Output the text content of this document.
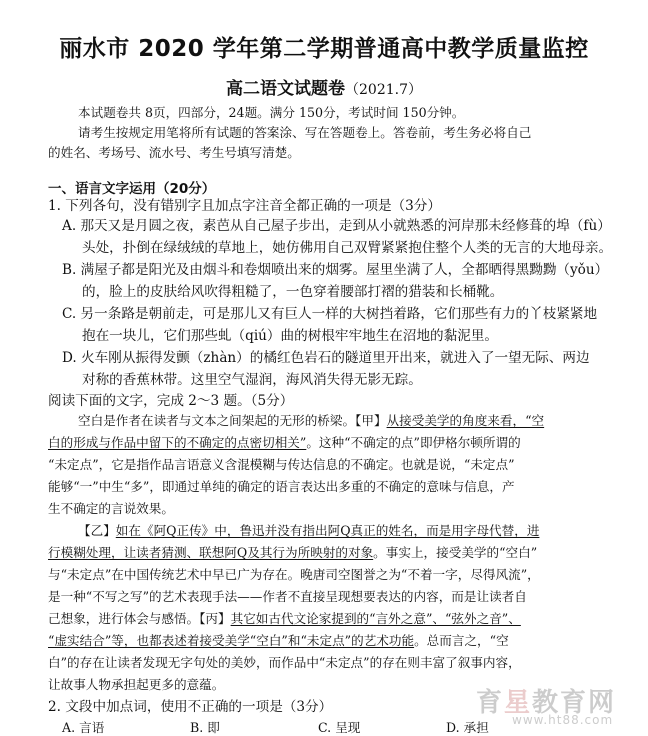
丽水市 2020 学年第二学期普通高中教学质量监控
高二语文试题卷（2021.7）
本试题卷共 8页，四部分，24题。满分 150分，考试时间 150分钟。
请考生按规定用笔将所有试题的答案涂、写在答题卷上。答卷前，考生务必将自己
的姓名、考场号、流水号、考生号填写清楚。
一、语言文字运用（20分）
1. 下列各句，没有错别字且加点字注音全都正确的一项是（3分）
A. 那天又是月圆之夜，素芭从自己屋子步出，走到从小就熟悉的河岸那未经修葺的埠（fù）
头处，扑倒在绿绒绒的草地上，她仿佛用自己双臂紧紧抱住整个人类的无言的大地母亲。
B. 满屋子都是阳光及由烟斗和卷烟喷出来的烟雾。屋里坐满了人，全都晒得黑黝黝（yǒu）
的，脸上的皮肤给风吹得粗糙了，一色穿着腰部打褶的猎装和长桶靴。
C. 另一条路是朝前走，可是那儿又有巨人一样的大树挡着路，它们那些有力的丫枝紧紧地
抱在一块儿，它们那些虬（qiú）曲的树根牢牢地生在沼地的黏泥里。
D. 火车刚从振得发颤（zhàn）的橘红色岩石的隧道里开出来，就进入了一望无际、两边
对称的香蕉林带。这里空气湿润，海风消失得无影无踪。
阅读下面的文字，完成 2～3 题。（5分）
空白是作者在读者与文本之间架起的无形的桥梁。【甲】从接受美学的角度来看，“空
白的形成与作品中留下的不确定的点密切相关”。这种“不确定的点”即伊格尔顿所谓的
“未定点”，它是指作品言语意义含混模糊与传达信息的不确定。也就是说，“未定点”
能够“一”中生“多”，即通过单纯的确定的语言表达出多重的不确定的意味与信息，产
生不确定的言说效果。
【乙】如在《阿Q正传》中，鲁迅并没有指出阿Q真正的姓名，而是用字母代替，进
行模糊处理，让读者猜测、联想阿Q及其行为所映射的对象。事实上，接受美学的“空白”
与“未定点”在中国传统艺术中早已广为存在。晚唐司空图誉之为“不着一字，尽得风流”，
是一种“不写之写”的艺术表现手法——作者不直接呈现想要表达的内容，而是让读者自
己想象，进行体会与感悟。【丙】其它如古代文论家提到的“言外之意”、“弦外之音”、
“虚实结合”等，也都表述着接受美学“空白”和“未定点”的艺术功能。总而言之，“空
白”的存在让读者发现无字句处的美妙，而作品中“未定点”的存在则丰富了叙事内容，
让故事人物承担起更多的意蕴。
2. 文段中加点词，使用不正确的一项是（3分）
A. 言语	B. 即	C. 呈现	D. 承担
育星教育网
www.ht88.com
